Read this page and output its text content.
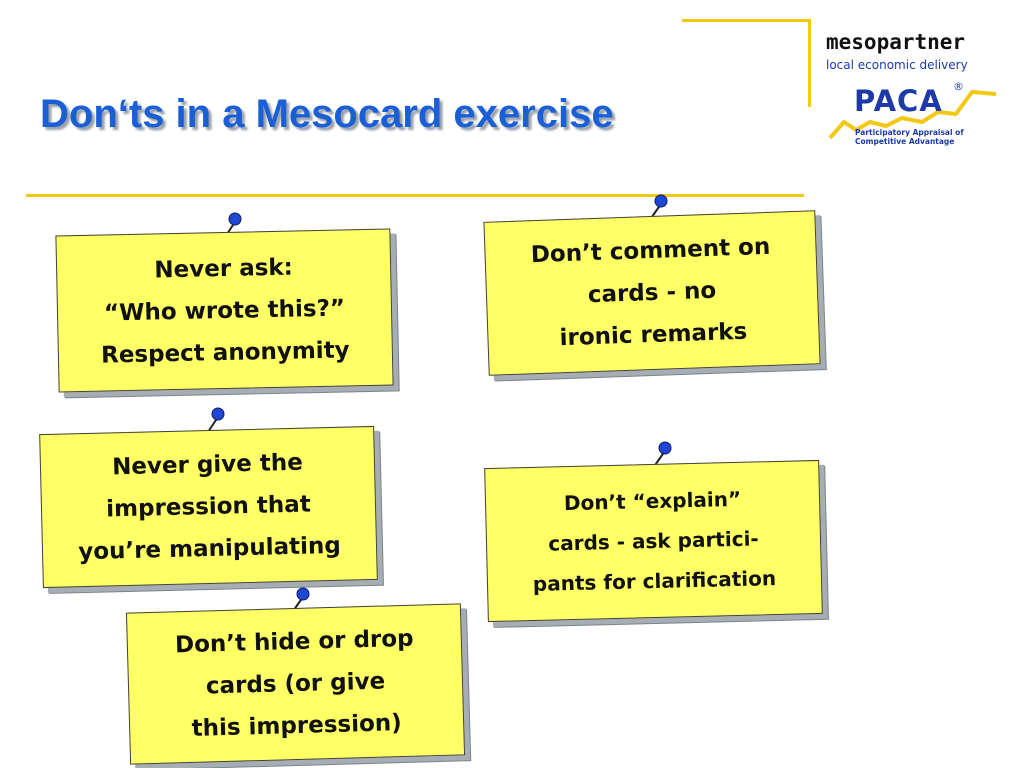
Don‘ts in a Mesocard exercise
mesopartner
local economic delivery
PACA ®
Participatory Appraisal of
Competitive Advantage
Never ask:
“Who wrote this?”
Respect anonymity
Don’t comment on
cards - no
ironic remarks
Never give the
impression that
you’re manipulating
Don’t “explain”
cards - ask partici-
pants for clarification
Don’t hide or drop
cards (or give
this impression)
